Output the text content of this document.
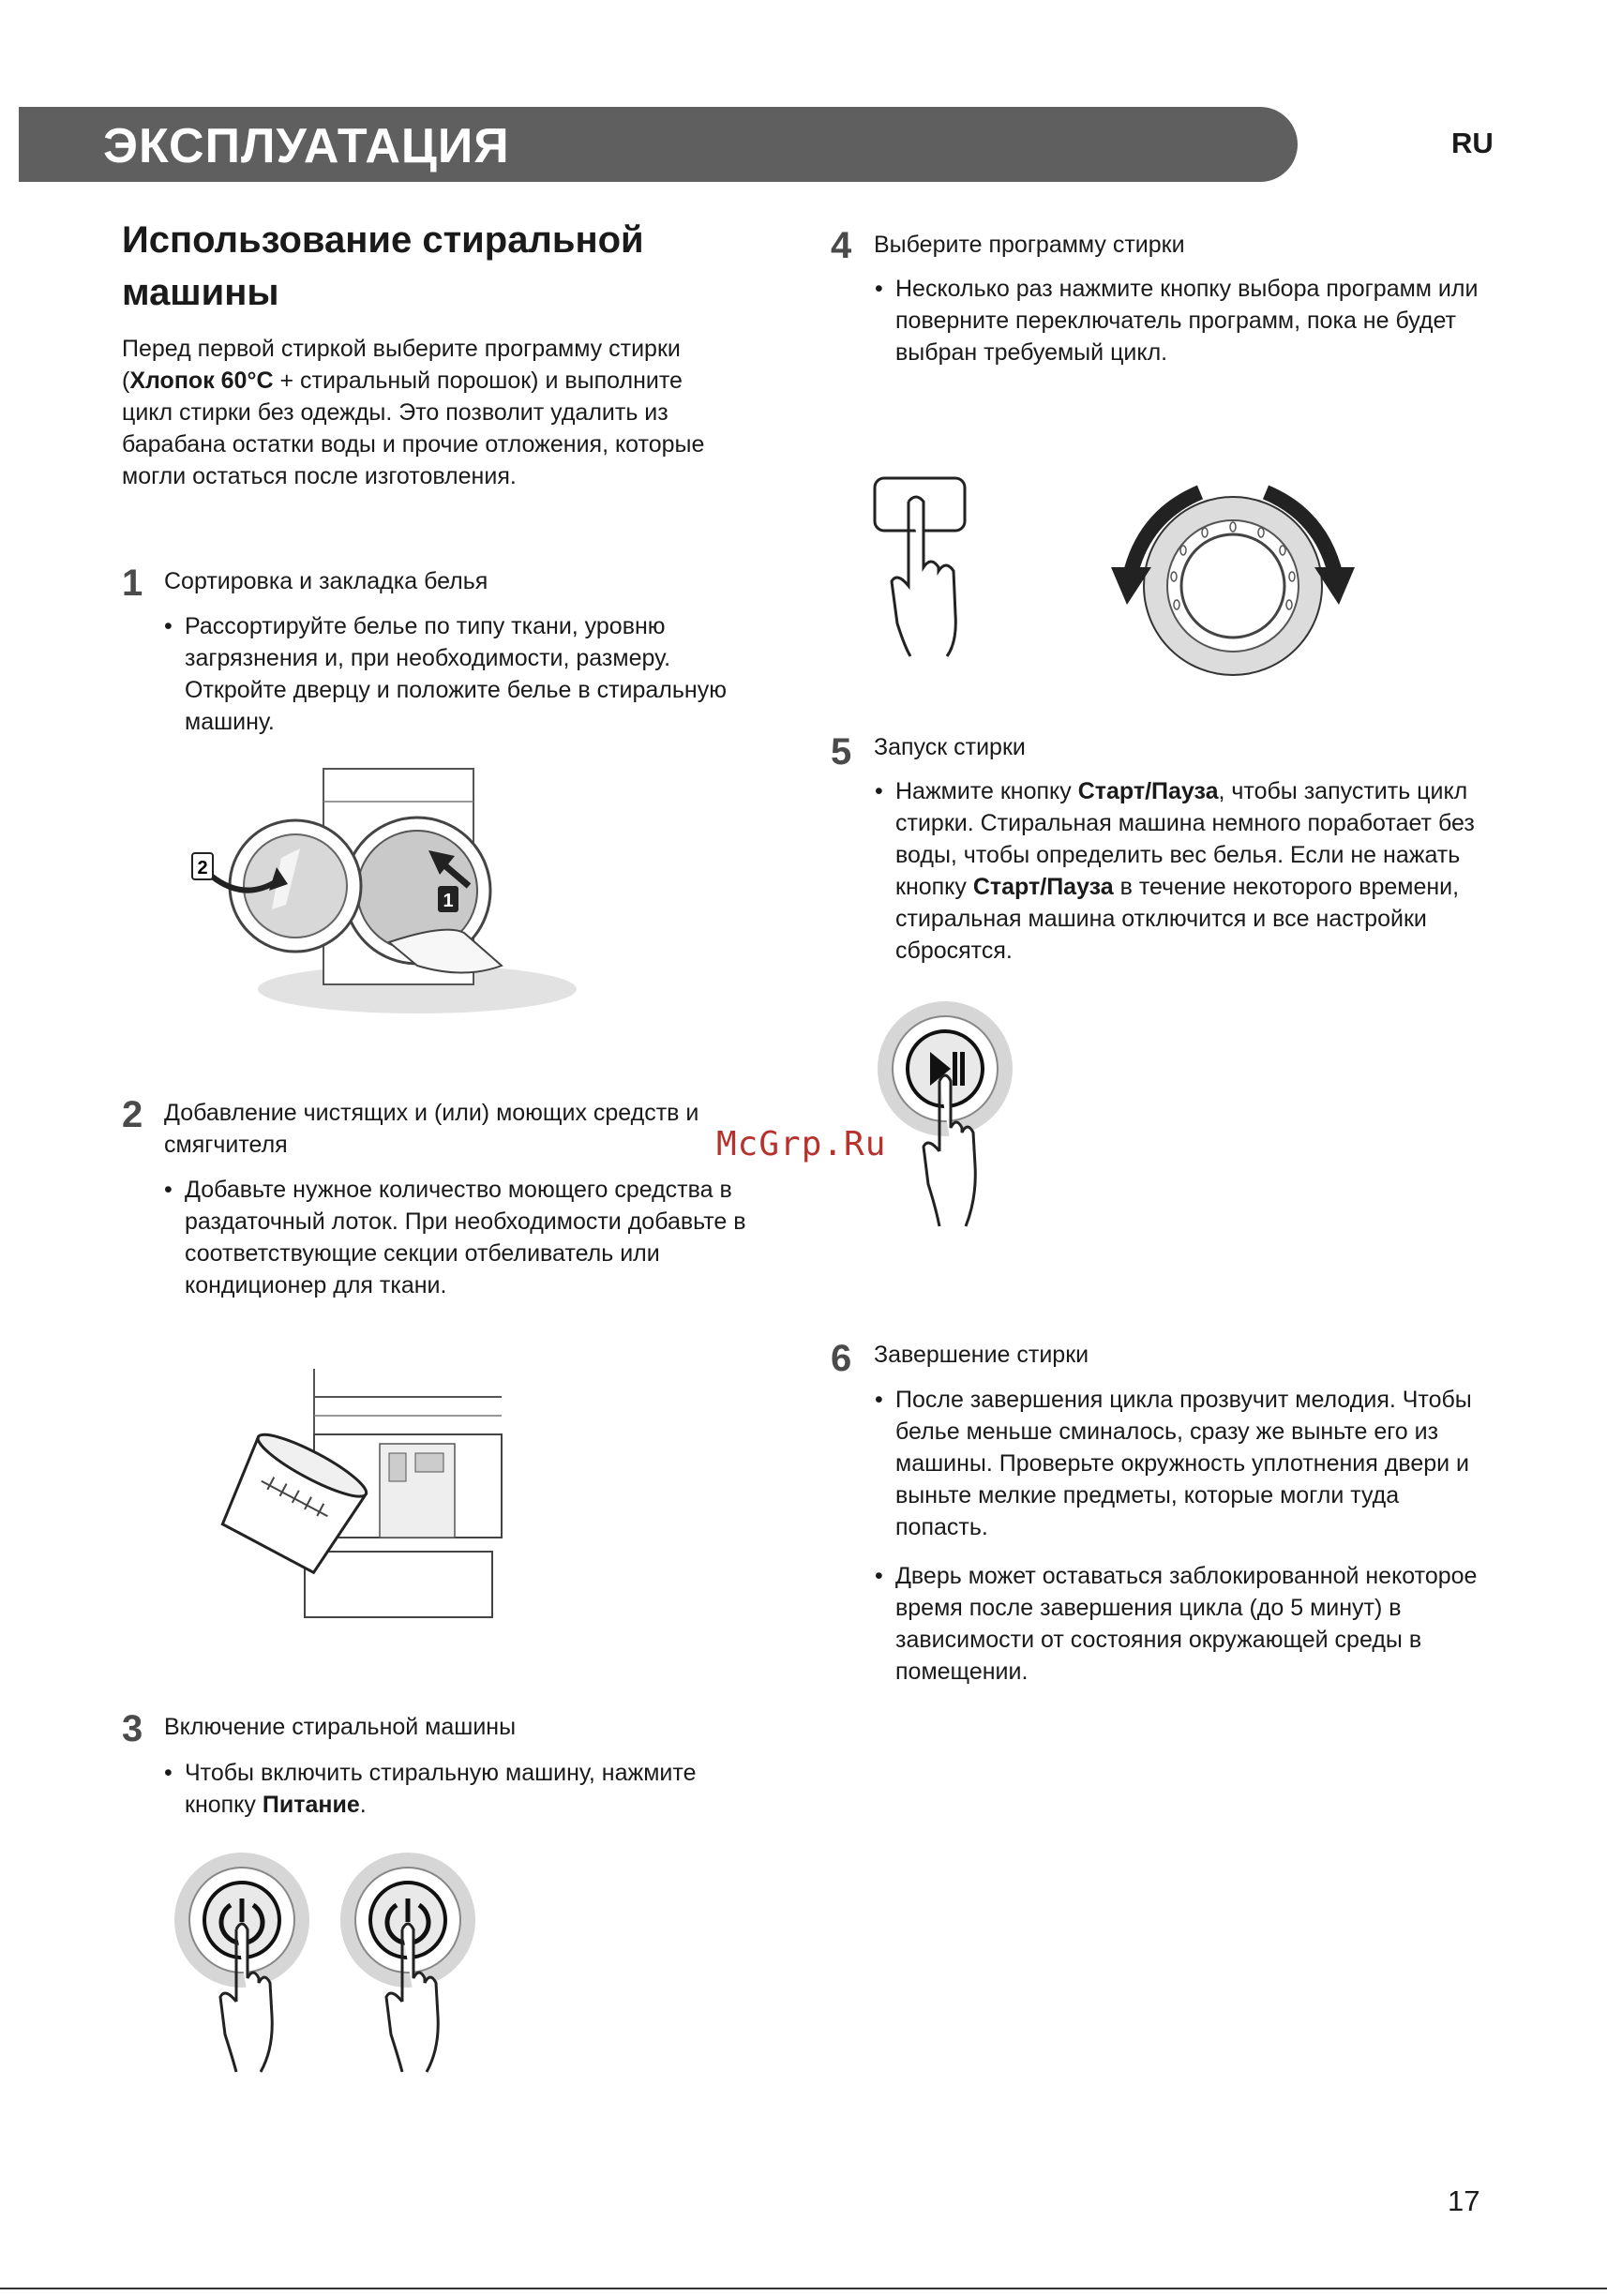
ЭКСПЛУАТАЦИЯ	RU
Использование стиральной
машины
Перед первой стиркой выберите программу стирки (Хлопок 60°C + стиральный порошок) и выполните цикл стирки без одежды. Это позволит удалить из барабана остатки воды и прочие отложения, которые могли остаться после изготовления.
1 Сортировка и закладка белья
• Рассортируйте белье по типу ткани, уровню загрязнения и, при необходимости, размеру. Откройте дверцу и положите белье в стиральную машину.
2
1
2 Добавление чистящих и (или) моющих средств и смягчителя
• Добавьте нужное количество моющего средства в раздаточный лоток. При необходимости добавьте в соответствующие секции отбеливатель или кондиционер для ткани.
3 Включение стиральной машины
• Чтобы включить стиральную машину, нажмите кнопку Питание.
4 Выберите программу стирки
• Несколько раз нажмите кнопку выбора программ или поверните переключатель программ, пока не будет выбран требуемый цикл.
5 Запуск стирки
• Нажмите кнопку Старт/Пауза, чтобы запустить цикл стирки. Стиральная машина немного поработает без воды, чтобы определить вес белья. Если не нажать кнопку Старт/Пауза в течение некоторого времени, стиральная машина отключится и все настройки сбросятся.
McGrp.Ru
6 Завершение стирки
• После завершения цикла прозвучит мелодия. Чтобы белье меньше сминалось, сразу же выньте его из машины. Проверьте окружность уплотнения двери и выньте мелкие предметы, которые могли туда попасть.
• Дверь может оставаться заблокированной некоторое время после завершения цикла (до 5 минут) в зависимости от состояния окружающей среды в помещении.
17
